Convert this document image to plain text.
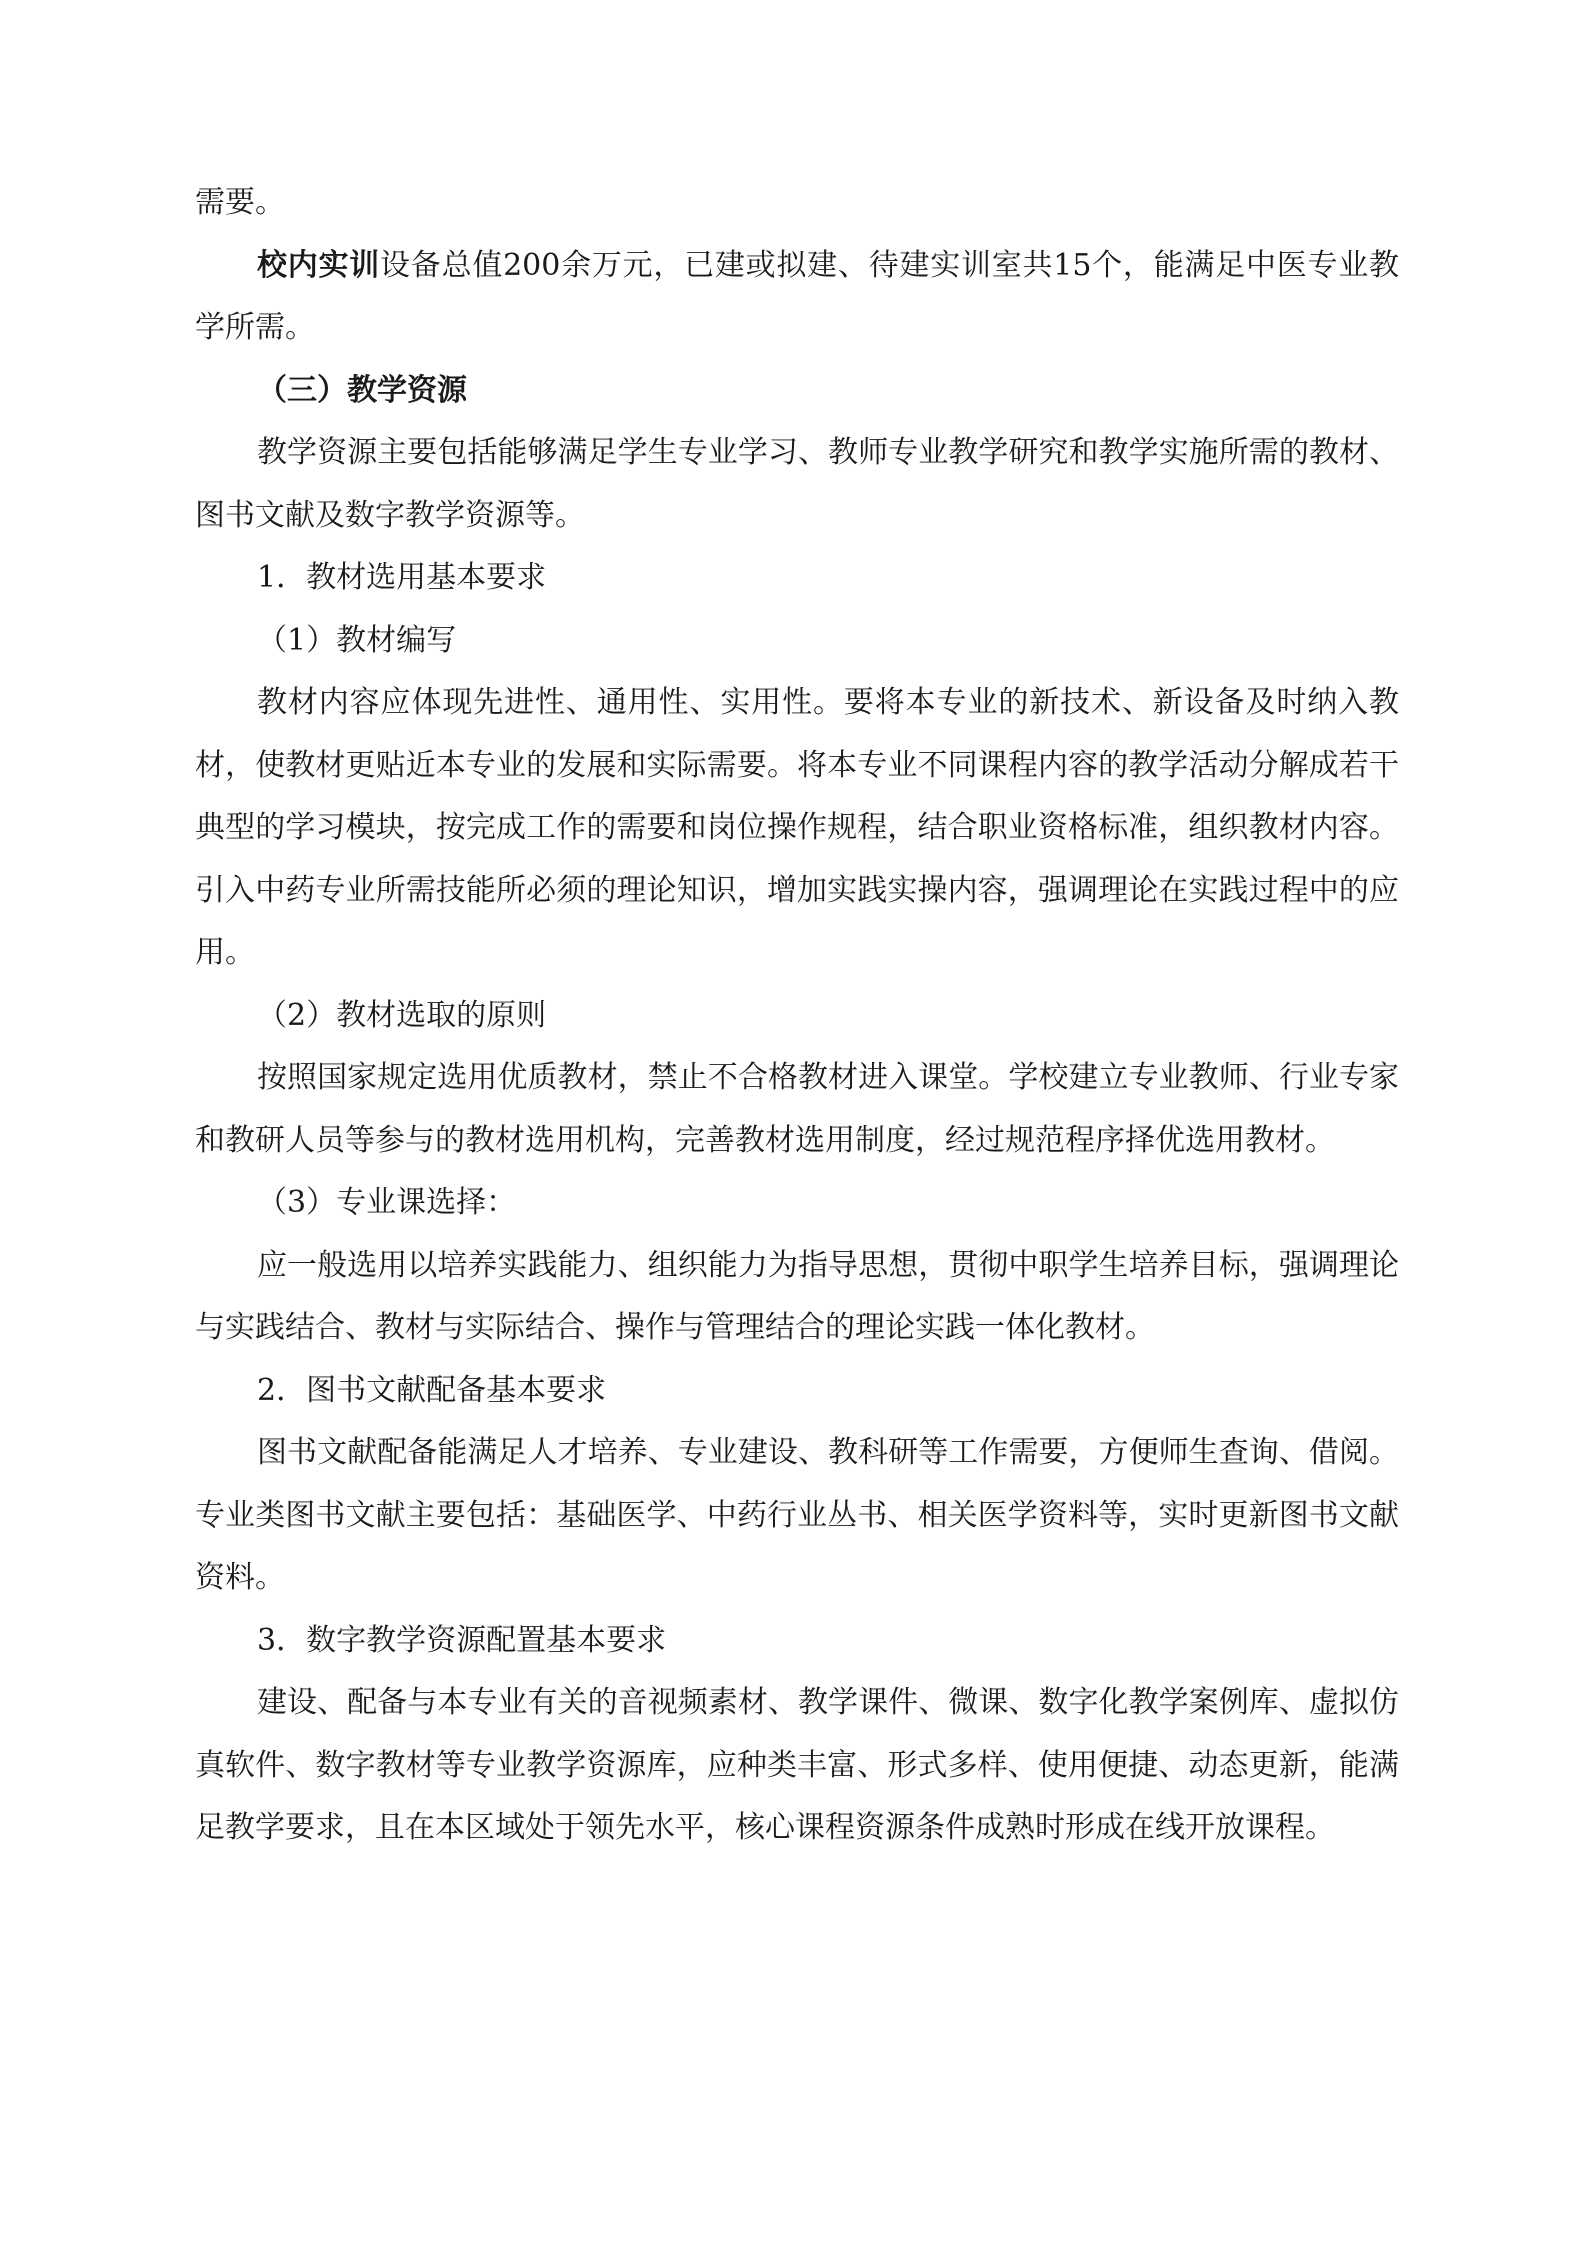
需要。

校内实训设备总值200余万元，已建或拟建、待建实训室共15个，能满足中医专业教学所需。

（三）教学资源

教学资源主要包括能够满足学生专业学习、教师专业教学研究和教学实施所需的教材、图书文献及数字教学资源等。

1．教材选用基本要求

（1）教材编写

教材内容应体现先进性、通用性、实用性。要将本专业的新技术、新设备及时纳入教材，使教材更贴近本专业的发展和实际需要。将本专业不同课程内容的教学活动分解成若干典型的学习模块，按完成工作的需要和岗位操作规程，结合职业资格标准，组织教材内容。引入中药专业所需技能所必须的理论知识，增加实践实操内容，强调理论在实践过程中的应用。

（2）教材选取的原则

按照国家规定选用优质教材，禁止不合格教材进入课堂。学校建立专业教师、行业专家和教研人员等参与的教材选用机构，完善教材选用制度，经过规范程序择优选用教材。

（3）专业课选择：

应一般选用以培养实践能力、组织能力为指导思想，贯彻中职学生培养目标，强调理论与实践结合、教材与实际结合、操作与管理结合的理论实践一体化教材。

2．图书文献配备基本要求

图书文献配备能满足人才培养、专业建设、教科研等工作需要，方便师生查询、借阅。专业类图书文献主要包括：基础医学、中药行业丛书、相关医学资料等，实时更新图书文献资料。

3．数字教学资源配置基本要求

建设、配备与本专业有关的音视频素材、教学课件、微课、数字化教学案例库、虚拟仿真软件、数字教材等专业教学资源库，应种类丰富、形式多样、使用便捷、动态更新，能满足教学要求，且在本区域处于领先水平，核心课程资源条件成熟时形成在线开放课程。
